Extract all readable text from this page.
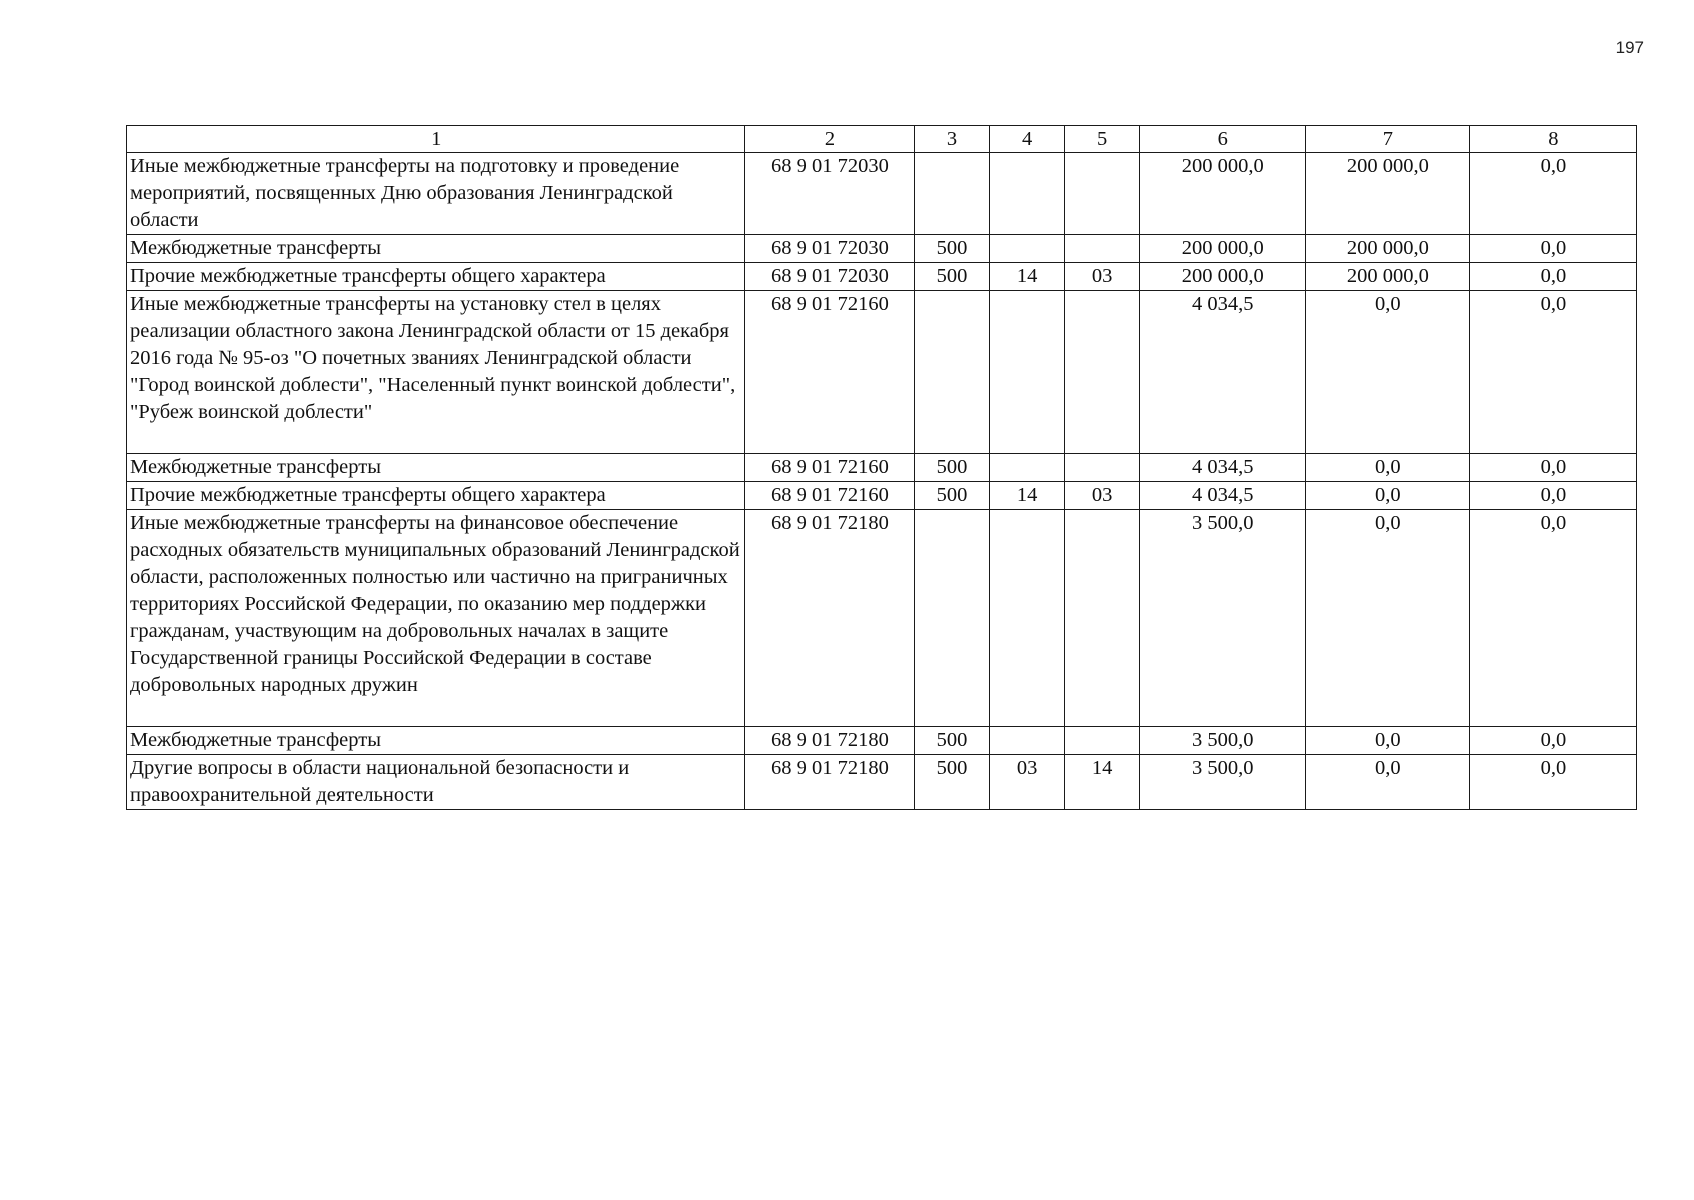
197
1	2	3	4	5	6	7	8
Иные межбюджетные трансферты на подготовку и проведение мероприятий, посвященных Дню образования Ленинградской области	68 9 01 72030				200 000,0	200 000,0	0,0
Межбюджетные трансферты	68 9 01 72030	500			200 000,0	200 000,0	0,0
Прочие межбюджетные трансферты общего характера	68 9 01 72030	500	14	03	200 000,0	200 000,0	0,0
Иные межбюджетные трансферты на установку стел в целях реализации областного закона Ленинградской области от 15 декабря 2016 года № 95-оз "О почетных званиях Ленинградской области "Город воинской доблести", "Населенный пункт воинской доблести", "Рубеж воинской доблести"	68 9 01 72160				4 034,5	0,0	0,0
Межбюджетные трансферты	68 9 01 72160	500			4 034,5	0,0	0,0
Прочие межбюджетные трансферты общего характера	68 9 01 72160	500	14	03	4 034,5	0,0	0,0
Иные межбюджетные трансферты на финансовое обеспечение расходных обязательств муниципальных образований Ленинградской области, расположенных полностью или частично на приграничных территориях Российской Федерации, по оказанию мер поддержки гражданам, участвующим на добровольных началах в защите Государственной границы Российской Федерации в составе добровольных народных дружин	68 9 01 72180				3 500,0	0,0	0,0
Межбюджетные трансферты	68 9 01 72180	500			3 500,0	0,0	0,0
Другие вопросы в области национальной безопасности и правоохранительной деятельности	68 9 01 72180	500	03	14	3 500,0	0,0	0,0
